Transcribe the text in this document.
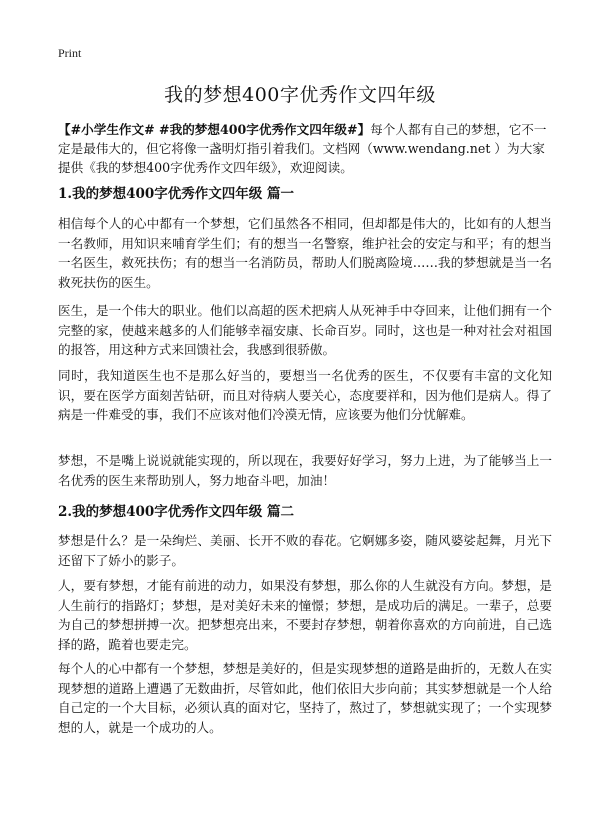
Print
我的梦想400字优秀作文四年级
【#小学生作文# #我的梦想400字优秀作文四年级#】每个人都有自己的梦想，它不一定是最伟大的，但它将像一盏明灯指引着我们。文档网（www.wendang.net ）为大家提供《我的梦想400字优秀作文四年级》，欢迎阅读。
1.我的梦想400字优秀作文四年级 篇一
相信每个人的心中都有一个梦想，它们虽然各不相同，但却都是伟大的，比如有的人想当一名教师，用知识来哺育学生们；有的想当一名警察，维护社会的安定与和平；有的想当一名医生，救死扶伤；有的想当一名消防员，帮助人们脱离险境……我的梦想就是当一名救死扶伤的医生。
医生，是一个伟大的职业。他们以高超的医术把病人从死神手中夺回来，让他们拥有一个完整的家，使越来越多的人们能够幸福安康、长命百岁。同时，这也是一种对社会对祖国的报答，用这种方式来回馈社会，我感到很骄傲。
同时，我知道医生也不是那么好当的，要想当一名优秀的医生，不仅要有丰富的文化知识，要在医学方面刻苦钻研，而且对待病人要关心，态度要祥和，因为他们是病人。得了病是一件难受的事，我们不应该对他们冷漠无情，应该要为他们分忧解难。
梦想，不是嘴上说说就能实现的，所以现在，我要好好学习，努力上进，为了能够当上一名优秀的医生来帮助别人，努力地奋斗吧，加油！
2.我的梦想400字优秀作文四年级 篇二
梦想是什么？是一朵绚烂、美丽、长开不败的春花。它婀娜多姿，随风婆娑起舞，月光下还留下了娇小的影子。
人，要有梦想，才能有前进的动力，如果没有梦想，那么你的人生就没有方向。梦想，是人生前行的指路灯；梦想，是对美好未来的憧憬；梦想，是成功后的满足。一辈子，总要为自己的梦想拼搏一次。把梦想亮出来，不要封存梦想，朝着你喜欢的方向前进，自己选择的路，跪着也要走完。
每个人的心中都有一个梦想，梦想是美好的，但是实现梦想的道路是曲折的，无数人在实现梦想的道路上遭遇了无数曲折，尽管如此，他们依旧大步向前；其实梦想就是一个人给自己定的一个大目标，必须认真的面对它，坚持了，熬过了，梦想就实现了；一个实现梦想的人，就是一个成功的人。
